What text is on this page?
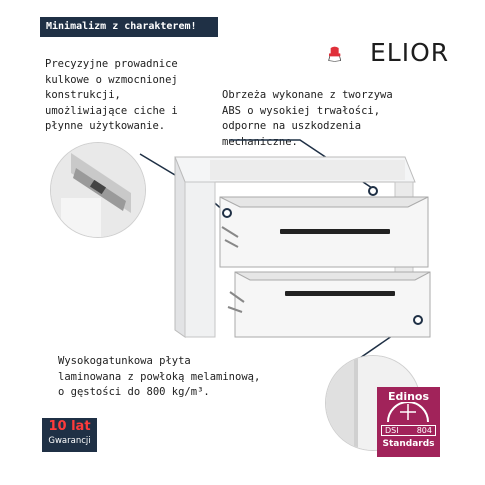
Minimalizm z charakterem!
ELIOR
Precyzyjne prowadnice
kulkowe o wzmocnionej
konstrukcji,
umożliwiające ciche i
płynne użytkowanie.
Obrzeża wykonane z tworzywa
ABS o wysokiej trwałości,
odporne na uszkodzenia
mechaniczne.
Wysokogatunkowa płyta
laminowana z powłoką melaminową,
o gęstości do 800 kg/m³.
10 lat
Gwarancji
Edinos
DSI 804
Standards
